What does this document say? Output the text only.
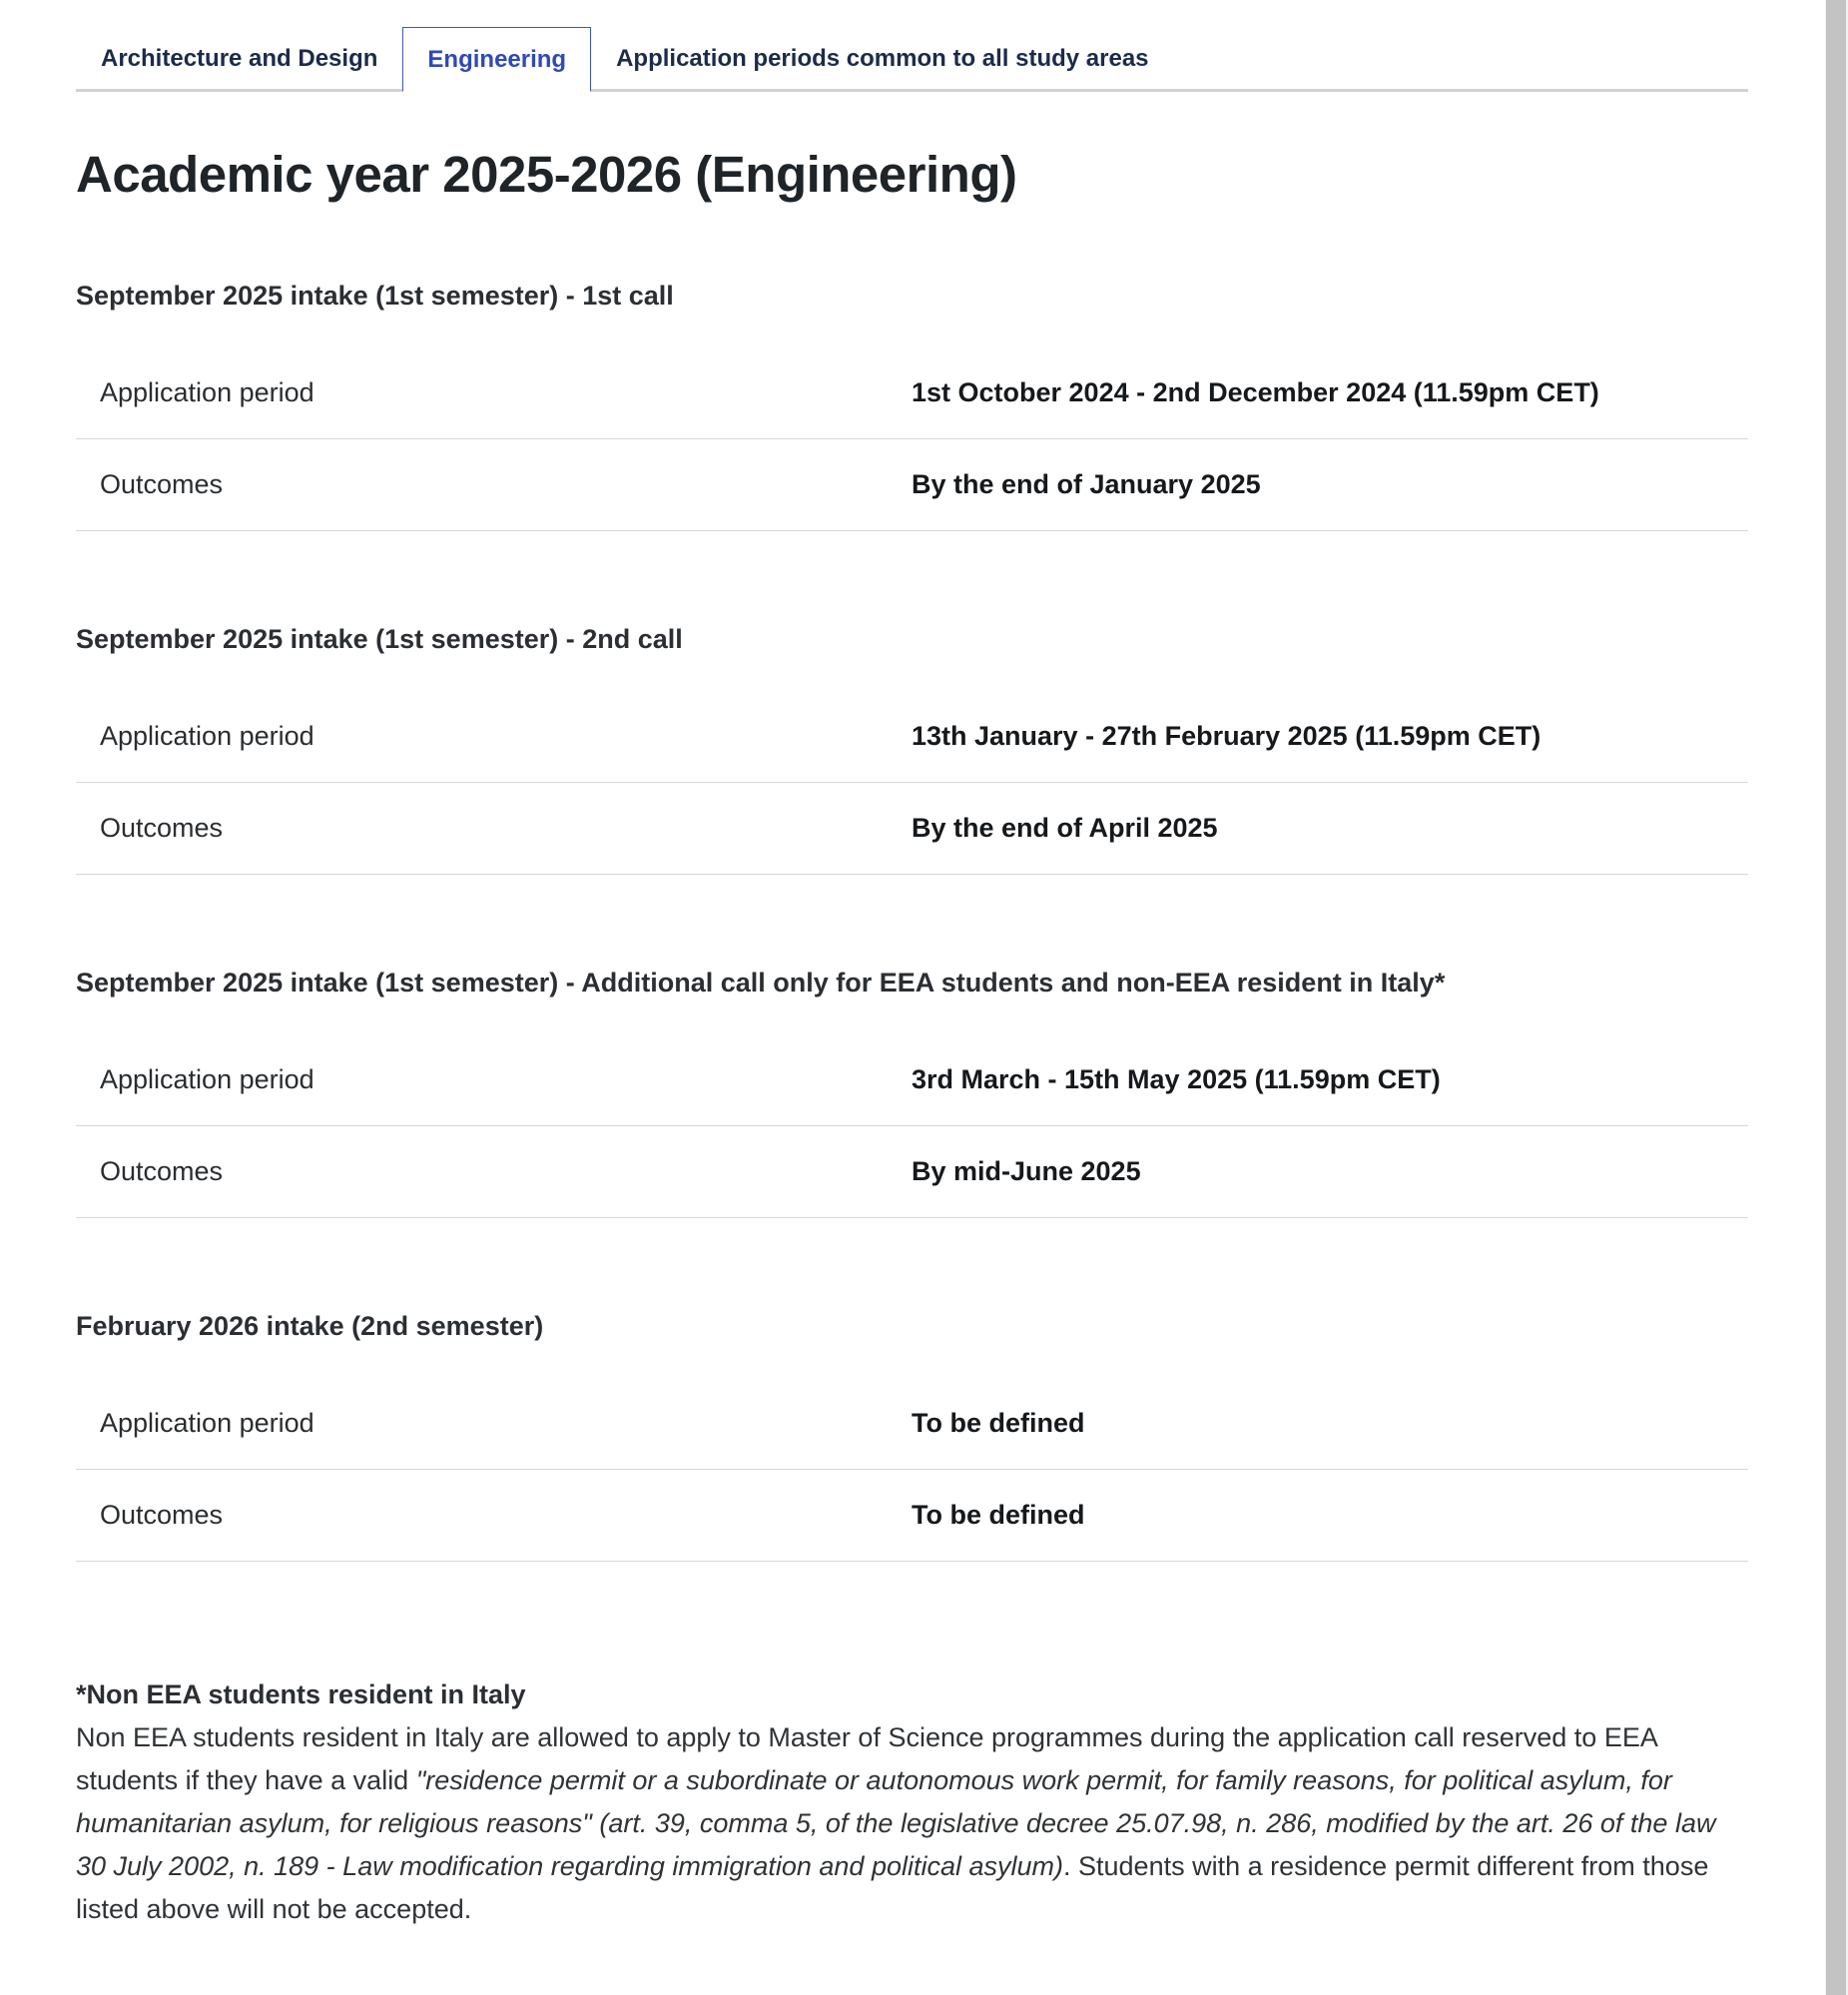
Architecture and Design	Engineering	Application periods common to all study areas
Academic year 2025-2026 (Engineering)
September 2025 intake (1st semester) - 1st call
Application period	1st October 2024 - 2nd December 2024 (11.59pm CET)
Outcomes	By the end of January 2025
September 2025 intake (1st semester) - 2nd call
Application period	13th January - 27th February 2025 (11.59pm CET)
Outcomes	By the end of April 2025
September 2025 intake (1st semester) - Additional call only for EEA students and non-EEA resident in Italy*
Application period	3rd March - 15th May 2025 (11.59pm CET)
Outcomes	By mid-June 2025
February 2026 intake (2nd semester)
Application period	To be defined
Outcomes	To be defined
*Non EEA students resident in Italy
Non EEA students resident in Italy are allowed to apply to Master of Science programmes during the application call reserved to EEA students if they have a valid "residence permit or a subordinate or autonomous work permit, for family reasons, for political asylum, for humanitarian asylum, for religious reasons" (art. 39, comma 5, of the legislative decree 25.07.98, n. 286, modified by the art. 26 of the law 30 July 2002, n. 189 - Law modification regarding immigration and political asylum). Students with a residence permit different from those listed above will not be accepted.
